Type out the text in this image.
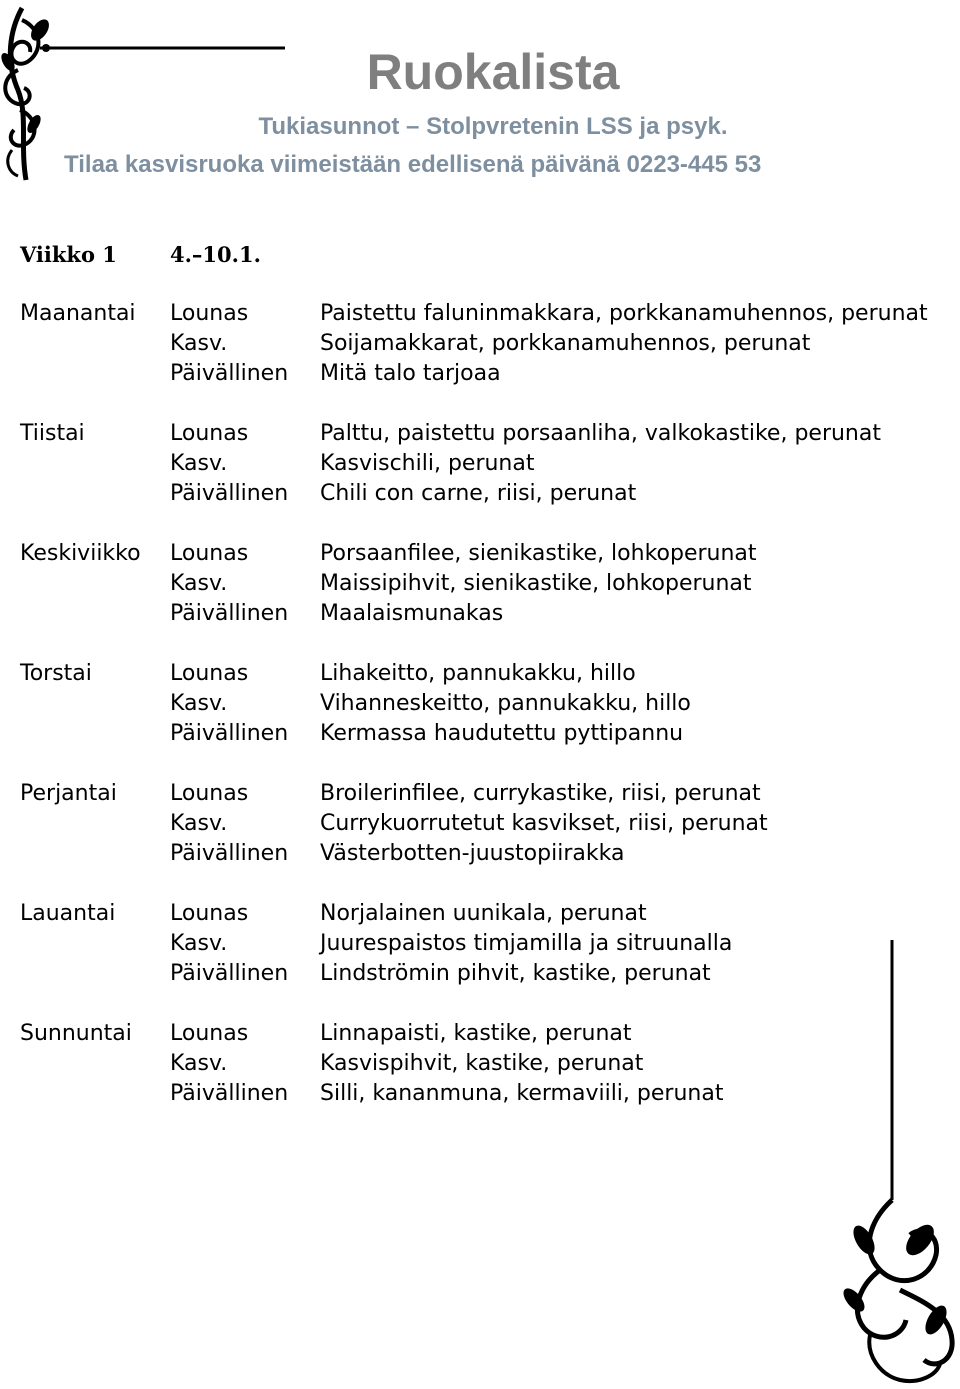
Ruokalista
Tukiasunnot – Stolpvretenin LSS ja psyk.
Tilaa kasvisruoka viimeistään edellisenä päivänä 0223-445 53
Viikko 1	4.–10.1.
Maanantai	Lounas	Paistettu faluninmakkara, porkkanamuhennos, perunat
Kasv.	Soijamakkarat, porkkanamuhennos, perunat
Päivällinen	Mitä talo tarjoaa
Tiistai	Lounas	Palttu, paistettu porsaanliha, valkokastike, perunat
Kasv.	Kasvischili, perunat
Päivällinen	Chili con carne, riisi, perunat
Keskiviikko	Lounas	Porsaanfilee, sienikastike, lohkoperunat
Kasv.	Maissipihvit, sienikastike, lohkoperunat
Päivällinen	Maalaismunakas
Torstai	Lounas	Lihakeitto, pannukakku, hillo
Kasv.	Vihanneskeitto, pannukakku, hillo
Päivällinen	Kermassa haudutettu pyttipannu
Perjantai	Lounas	Broilerinfilee, currykastike, riisi, perunat
Kasv.	Currykuorrutetut kasvikset, riisi, perunat
Päivällinen	Västerbotten-juustopiirakka
Lauantai	Lounas	Norjalainen uunikala, perunat
Kasv.	Juurespaistos timjamilla ja sitruunalla
Päivällinen	Lindströmin pihvit, kastike, perunat
Sunnuntai	Lounas	Linnapaisti, kastike, perunat
Kasv.	Kasvispihvit, kastike, perunat
Päivällinen	Silli, kananmuna, kermaviili, perunat
